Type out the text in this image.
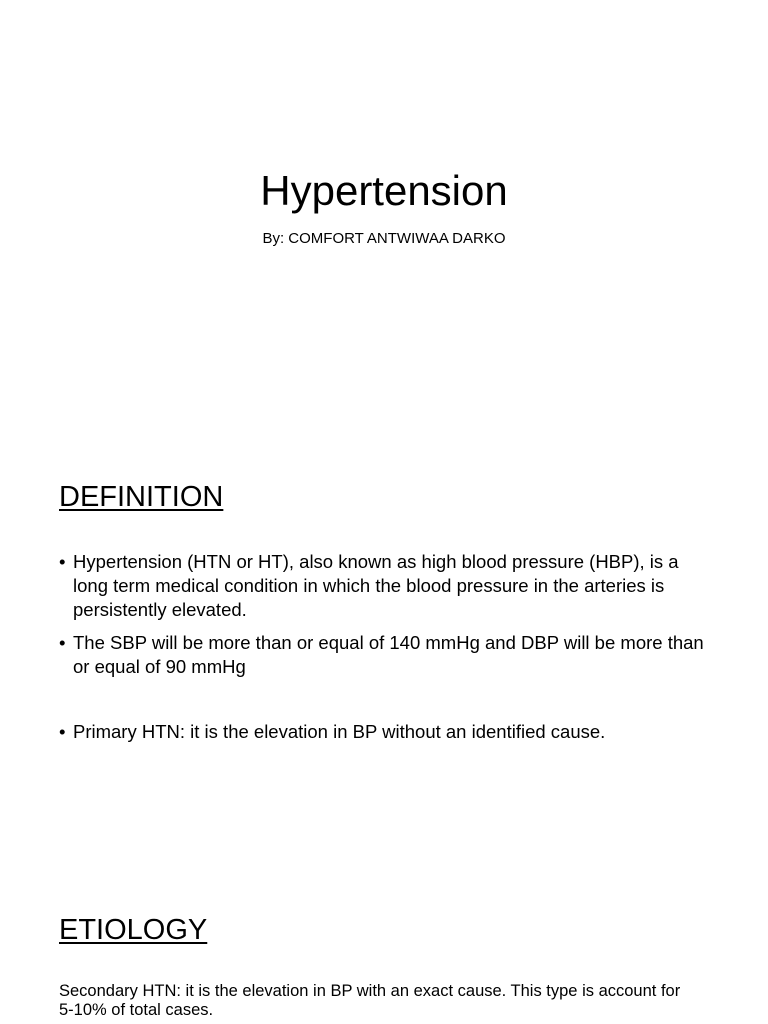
Hypertension

By: COMFORT ANTWIWAA DARKO

DEFINITION
• Hypertension (HTN or HT), also known as high blood pressure (HBP), is a long term medical condition in which the blood pressure in the arteries is persistently elevated.
• The SBP will be more than or equal of 140 mmHg and DBP will be more than or equal of 90 mmHg
• Primary HTN: it is the elevation in BP without an identified cause.
ETIOLOGY

Secondary HTN: it is the elevation in BP with an exact cause. This type is account for 5-10% of total cases.
